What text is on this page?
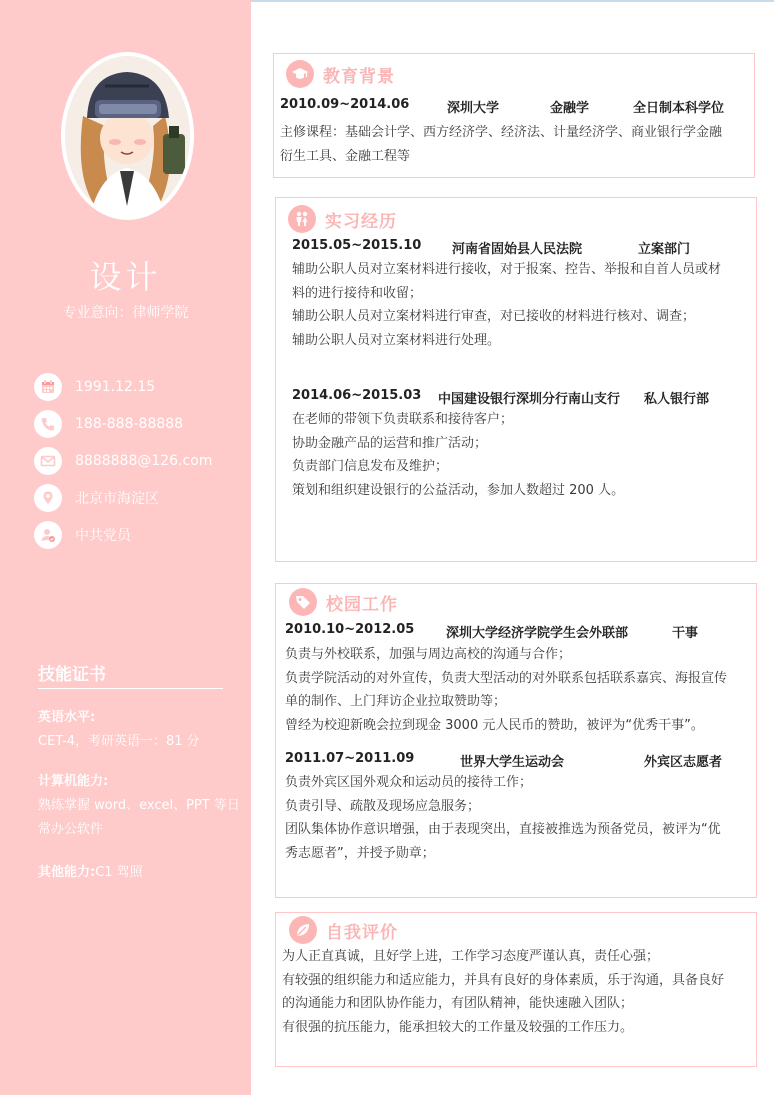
设计
专业意向：律师学院
1991.12.15
188-888-88888
8888888@126.com
北京市海淀区
中共党员
技能证书
英语水平:
CET-4，考研英语一：81 分
计算机能力:
熟练掌握 word、excel、PPT 等日常办公软件
其他能力:C1 驾照
教育背景
2010.09~2014.06	深圳大学	金融学	全日制本科学位
主修课程：基础会计学、西方经济学、经济法、计量经济学、商业银行学金融
衍生工具、金融工程等
实习经历
2015.05~2015.10 河南省固始县人民法院	立案部门
辅助公职人员对立案材料进行接收，对于报案、控告、举报和自首人员或材
料的进行接待和收留；
辅助公职人员对立案材料进行审查，对已接收的材料进行核对、调查；
辅助公职人员对立案材料进行处理。
2014.06~2015.03 中国建设银行深圳分行南山支行 私人银行部
在老师的带领下负责联系和接待客户；
协助金融产品的运营和推广活动；
负责部门信息发布及维护；
策划和组织建设银行的公益活动，参加人数超过 200 人。
校园工作
2010.10~2012.05 深圳大学经济学院学生会外联部	干事
负责与外校联系，加强与周边高校的沟通与合作；
负责学院活动的对外宣传，负责大型活动的对外联系包括联系嘉宾、海报宣传
单的制作、上门拜访企业拉取赞助等；
曾经为校迎新晚会拉到现金 3000 元人民币的赞助，被评为“优秀干事”。
2011.07~2011.09	世界大学生运动会	外宾区志愿者
负责外宾区国外观众和运动员的接待工作；
负责引导、疏散及现场应急服务；
团队集体协作意识增强，由于表现突出，直接被推选为预备党员，被评为“优
秀志愿者”，并授予勋章；
自我评价
为人正直真诚，且好学上进，工作学习态度严谨认真，责任心强；
有较强的组织能力和适应能力，并具有良好的身体素质，乐于沟通，具备良好
的沟通能力和团队协作能力，有团队精神，能快速融入团队；
有很强的抗压能力，能承担较大的工作量及较强的工作压力。
